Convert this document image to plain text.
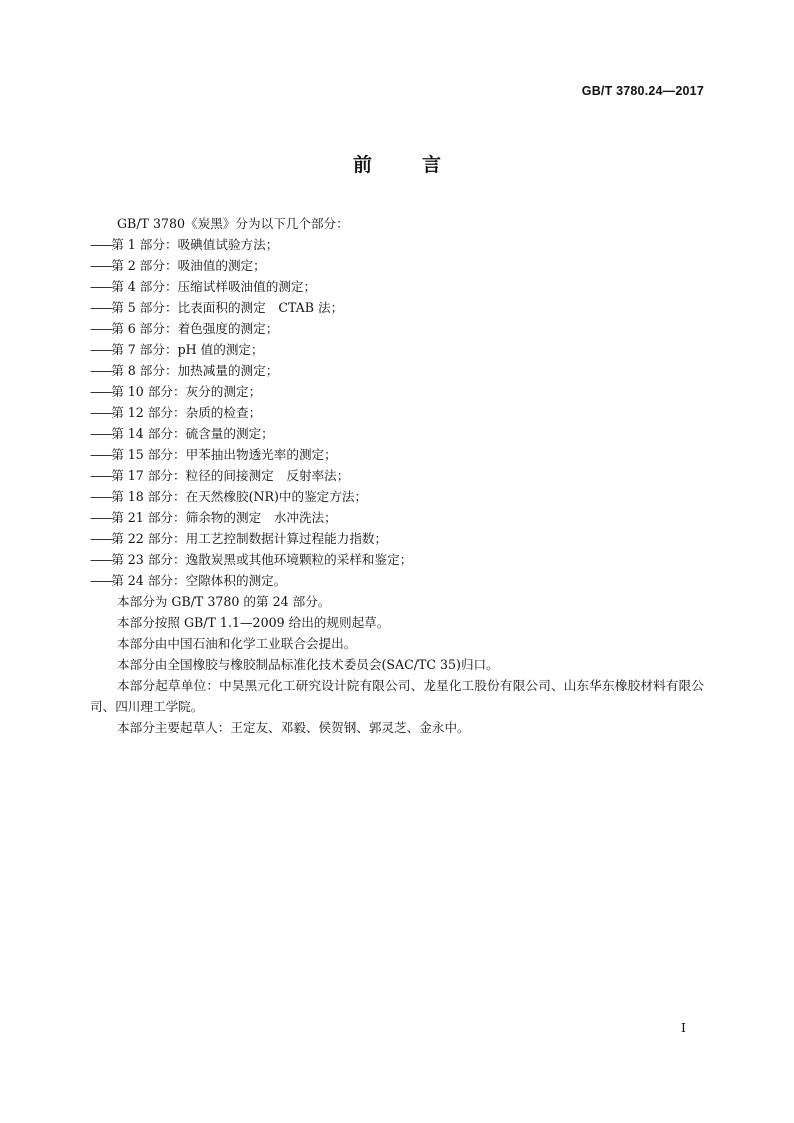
GB/T 3780.24—2017
前言

GB/T 3780《炭黑》分为以下几个部分：

——第 1 部分：吸碘值试验方法；

——第 2 部分：吸油值的测定；

——第 4 部分：压缩试样吸油值的测定；

——第 5 部分：比表面积的测定　CTAB 法；

——第 6 部分：着色强度的测定；

——第 7 部分：pH 值的测定；

——第 8 部分：加热减量的测定；

——第 10 部分：灰分的测定；

——第 12 部分：杂质的检查；

——第 14 部分：硫含量的测定；

——第 15 部分：甲苯抽出物透光率的测定；

——第 17 部分：粒径的间接测定　反射率法；

——第 18 部分：在天然橡胶(NR)中的鉴定方法；

——第 21 部分：筛余物的测定　水冲洗法；

——第 22 部分：用工艺控制数据计算过程能力指数；

——第 23 部分：逸散炭黑或其他环境颗粒的采样和鉴定；

——第 24 部分：空隙体积的测定。

本部分为 GB/T 3780 的第 24 部分。

本部分按照 GB/T 1.1—2009 给出的规则起草。

本部分由中国石油和化学工业联合会提出。

本部分由全国橡胶与橡胶制品标准化技术委员会(SAC/TC 35)归口。

本部分起草单位：中昊黑元化工研究设计院有限公司、龙星化工股份有限公司、山东华东橡胶材料有限公司、四川理工学院。

本部分主要起草人：王定友、邓毅、侯贺钢、郭灵芝、金永中。

I
